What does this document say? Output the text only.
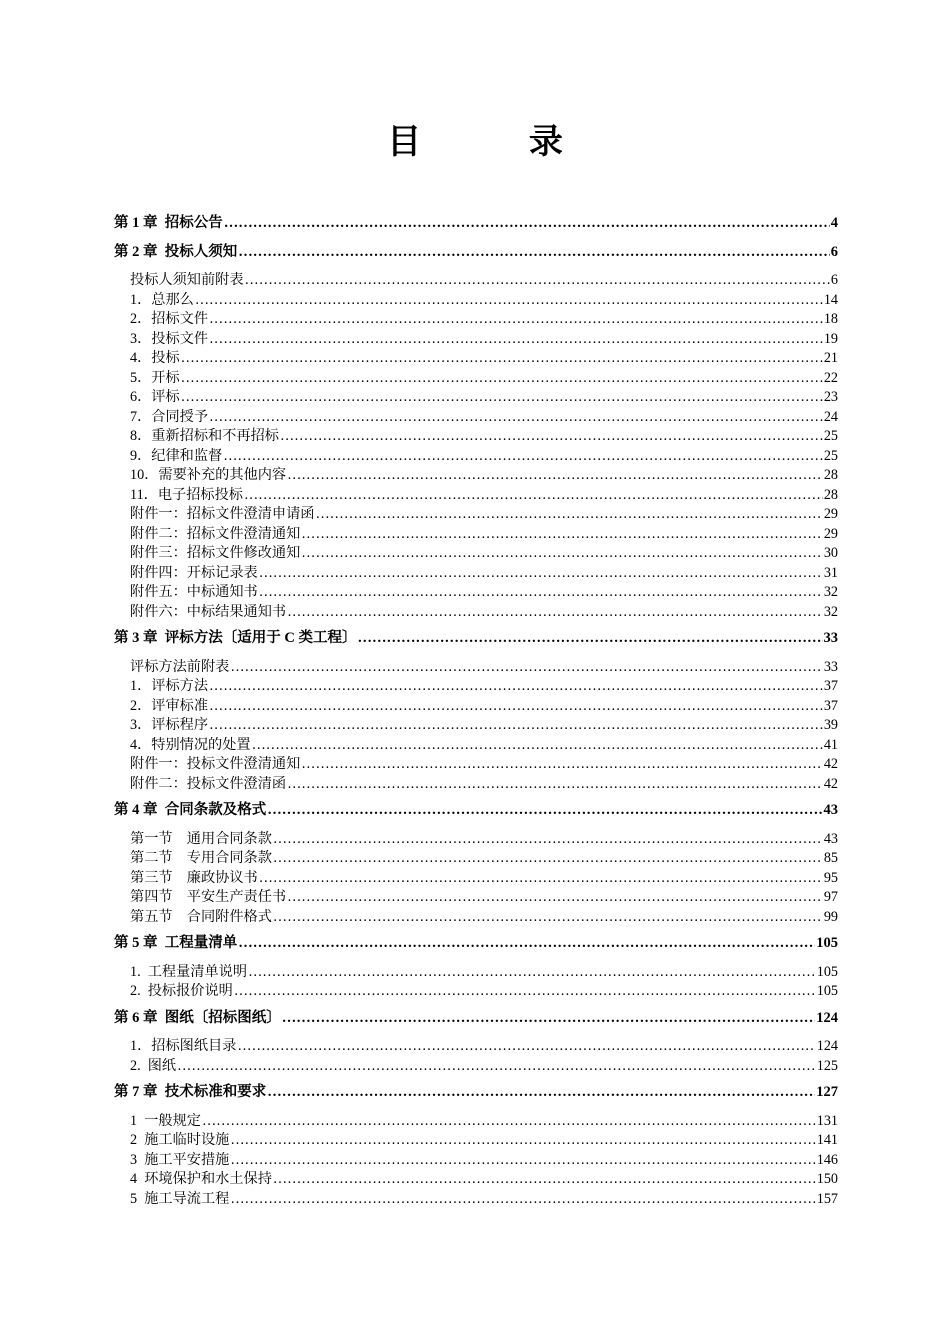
目 录
第 1 章  招标公告 ……………………………………………………………………………………………………………………………………………………………………………………………………………………………………………………………………………………………………………………………	4
第 2 章  投标人须知 ……………………………………………………………………………………………………………………………………………………………………………………………………………………………………………………………………………………………………………………………	6
投标人须知前附表 ……………………………………………………………………………………………………………………………………………………………………………………………………………………………………………………………………………………………………………………………	6
1．总那么 ……………………………………………………………………………………………………………………………………………………………………………………………………………………………………………………………………………………………………………………………	14
2．招标文件 ……………………………………………………………………………………………………………………………………………………………………………………………………………………………………………………………………………………………………………………………	18
3．投标文件 ……………………………………………………………………………………………………………………………………………………………………………………………………………………………………………………………………………………………………………………………	19
4．投标 ……………………………………………………………………………………………………………………………………………………………………………………………………………………………………………………………………………………………………………………………	21
5．开标 ……………………………………………………………………………………………………………………………………………………………………………………………………………………………………………………………………………………………………………………………	22
6．评标 ……………………………………………………………………………………………………………………………………………………………………………………………………………………………………………………………………………………………………………………………	23
7．合同授予 ……………………………………………………………………………………………………………………………………………………………………………………………………………………………………………………………………………………………………………………………	24
8．重新招标和不再招标 ……………………………………………………………………………………………………………………………………………………………………………………………………………………………………………………………………………………………………………………………	25
9．纪律和监督 ……………………………………………………………………………………………………………………………………………………………………………………………………………………………………………………………………………………………………………………………	25
10．需要补充的其他内容 ……………………………………………………………………………………………………………………………………………………………………………………………………………………………………………………………………………………………………………………………	28
11．电子招标投标 ……………………………………………………………………………………………………………………………………………………………………………………………………………………………………………………………………………………………………………………………	28
附件一：招标文件澄清申请函 ……………………………………………………………………………………………………………………………………………………………………………………………………………………………………………………………………………………………………………………………	29
附件二：招标文件澄清通知 ……………………………………………………………………………………………………………………………………………………………………………………………………………………………………………………………………………………………………………………………	29
附件三：招标文件修改通知 ……………………………………………………………………………………………………………………………………………………………………………………………………………………………………………………………………………………………………………………………	30
附件四：开标记录表 ……………………………………………………………………………………………………………………………………………………………………………………………………………………………………………………………………………………………………………………………	31
附件五：中标通知书 ……………………………………………………………………………………………………………………………………………………………………………………………………………………………………………………………………………………………………………………………	32
附件六：中标结果通知书 ……………………………………………………………………………………………………………………………………………………………………………………………………………………………………………………………………………………………………………………………	32
第 3 章  评标方法〔适用于 C 类工程〕 ……………………………………………………………………………………………………………………………………………………………………………………………………………………………………………………………………………………………………………………………	33
评标方法前附表 ……………………………………………………………………………………………………………………………………………………………………………………………………………………………………………………………………………………………………………………………	33
1．评标方法 ……………………………………………………………………………………………………………………………………………………………………………………………………………………………………………………………………………………………………………………………	37
2．评审标准 ……………………………………………………………………………………………………………………………………………………………………………………………………………………………………………………………………………………………………………………………	37
3．评标程序 ……………………………………………………………………………………………………………………………………………………………………………………………………………………………………………………………………………………………………………………………	39
4．特别情况的处置 ……………………………………………………………………………………………………………………………………………………………………………………………………………………………………………………………………………………………………………………………	41
附件一：投标文件澄清通知 ……………………………………………………………………………………………………………………………………………………………………………………………………………………………………………………………………………………………………………………………	42
附件二：投标文件澄清函 ……………………………………………………………………………………………………………………………………………………………………………………………………………………………………………………………………………………………………………………………	42
第 4 章  合同条款及格式 ……………………………………………………………………………………………………………………………………………………………………………………………………………………………………………………………………………………………………………………………	43
第一节    通用合同条款 ……………………………………………………………………………………………………………………………………………………………………………………………………………………………………………………………………………………………………………………………	43
第二节    专用合同条款 ……………………………………………………………………………………………………………………………………………………………………………………………………………………………………………………………………………………………………………………………	85
第三节    廉政协议书 ……………………………………………………………………………………………………………………………………………………………………………………………………………………………………………………………………………………………………………………………	95
第四节    平安生产责任书 ……………………………………………………………………………………………………………………………………………………………………………………………………………………………………………………………………………………………………………………………	97
第五节    合同附件格式 ……………………………………………………………………………………………………………………………………………………………………………………………………………………………………………………………………………………………………………………………	99
第 5 章  工程量清单 ……………………………………………………………………………………………………………………………………………………………………………………………………………………………………………………………………………………………………………………………	105
1.  工程量清单说明 ……………………………………………………………………………………………………………………………………………………………………………………………………………………………………………………………………………………………………………………………	105
2.  投标报价说明 ……………………………………………………………………………………………………………………………………………………………………………………………………………………………………………………………………………………………………………………………	105
第 6 章  图纸〔招标图纸〕 ……………………………………………………………………………………………………………………………………………………………………………………………………………………………………………………………………………………………………………………………	124
1．招标图纸目录 ……………………………………………………………………………………………………………………………………………………………………………………………………………………………………………………………………………………………………………………………	124
2.  图纸 ……………………………………………………………………………………………………………………………………………………………………………………………………………………………………………………………………………………………………………………………	125
第 7 章  技术标准和要求 ……………………………………………………………………………………………………………………………………………………………………………………………………………………………………………………………………………………………………………………………	127
1  一般规定 ……………………………………………………………………………………………………………………………………………………………………………………………………………………………………………………………………………………………………………………………	131
2  施工临时设施 ……………………………………………………………………………………………………………………………………………………………………………………………………………………………………………………………………………………………………………………………	141
3  施工平安措施 ……………………………………………………………………………………………………………………………………………………………………………………………………………………………………………………………………………………………………………………………	146
4  环境保护和水土保持 ……………………………………………………………………………………………………………………………………………………………………………………………………………………………………………………………………………………………………………………………	150
5  施工导流工程 ……………………………………………………………………………………………………………………………………………………………………………………………………………………………………………………………………………………………………………………………	157
